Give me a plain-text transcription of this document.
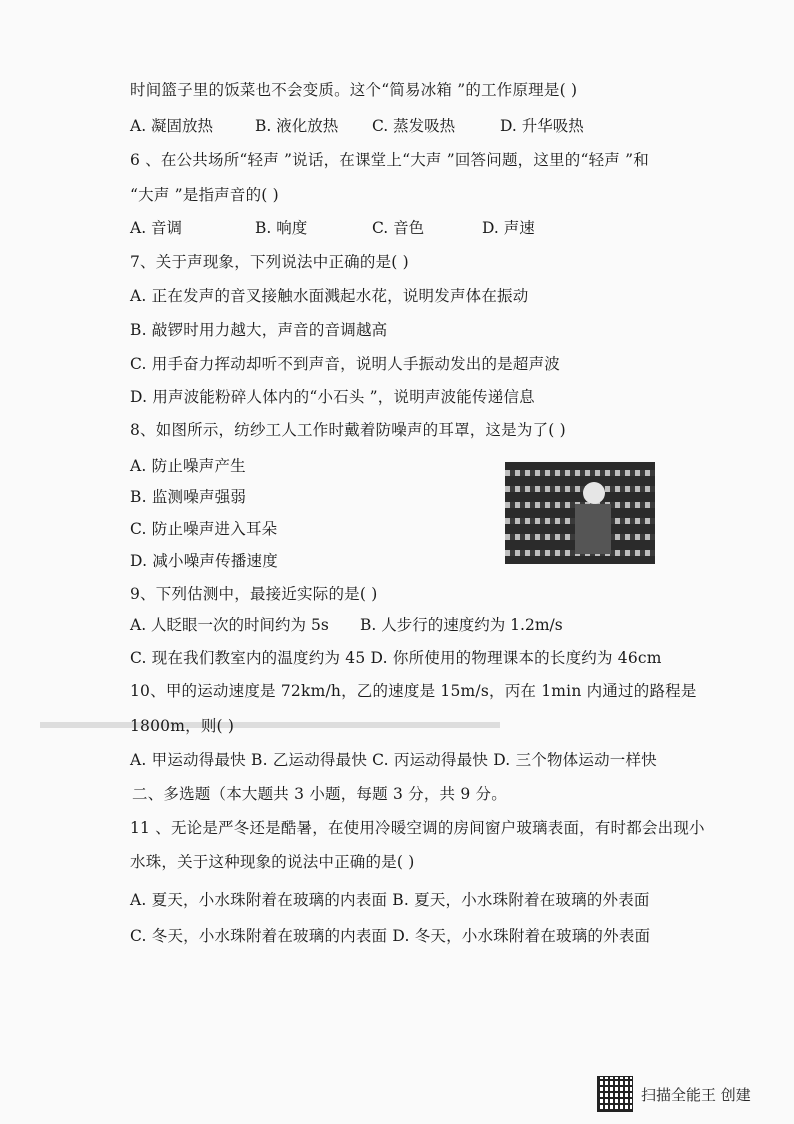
时间篮子里的饭菜也不会变质。这个“简易冰箱 ”的工作原理是( )
A. 凝固放热	B. 液化放热 C. 蒸发吸热	D. 升华吸热
6 、在公共场所“轻声 ”说话，在课堂上“大声 ”回答问题，这里的“轻声 ”和
“大声 ”是指声音的( )
A. 音调	B. 响度	C. 音色	D. 声速
7、关于声现象，下列说法中正确的是( )
A. 正在发声的音叉接触水面溅起水花，说明发声体在振动
B. 敲锣时用力越大，声音的音调越高
C. 用手奋力挥动却听不到声音，说明人手振动发出的是超声波
D. 用声波能粉碎人体内的“小石头 ”，说明声波能传递信息
8、如图所示，纺纱工人工作时戴着防噪声的耳罩，这是为了( )
A. 防止噪声产生
B. 监测噪声强弱
C. 防止噪声进入耳朵
D. 减小噪声传播速度
9、下列估测中，最接近实际的是( )
A. 人眨眼一次的时间约为 5s B. 人步行的速度约为 1.2m/s
C. 现在我们教室内的温度约为 45 D. 你所使用的物理课本的长度约为 46cm
10、甲的运动速度是 72km/h，乙的速度是 15m/s，丙在 1min 内通过的路程是
1800m，则( )
A. 甲运动得最快 B. 乙运动得最快 C. 丙运动得最快 D. 三个物体运动一样快
二、多选题（本大题共 3 小题，每题 3 分，共 9 分。
11 、无论是严冬还是酷暑，在使用冷暖空调的房间窗户玻璃表面，有时都会出现小
水珠，关于这种现象的说法中正确的是( )
A. 夏天，小水珠附着在玻璃的内表面 B. 夏天，小水珠附着在玻璃的外表面
C. 冬天，小水珠附着在玻璃的内表面 D. 冬天，小水珠附着在玻璃的外表面
扫描全能王 创建
